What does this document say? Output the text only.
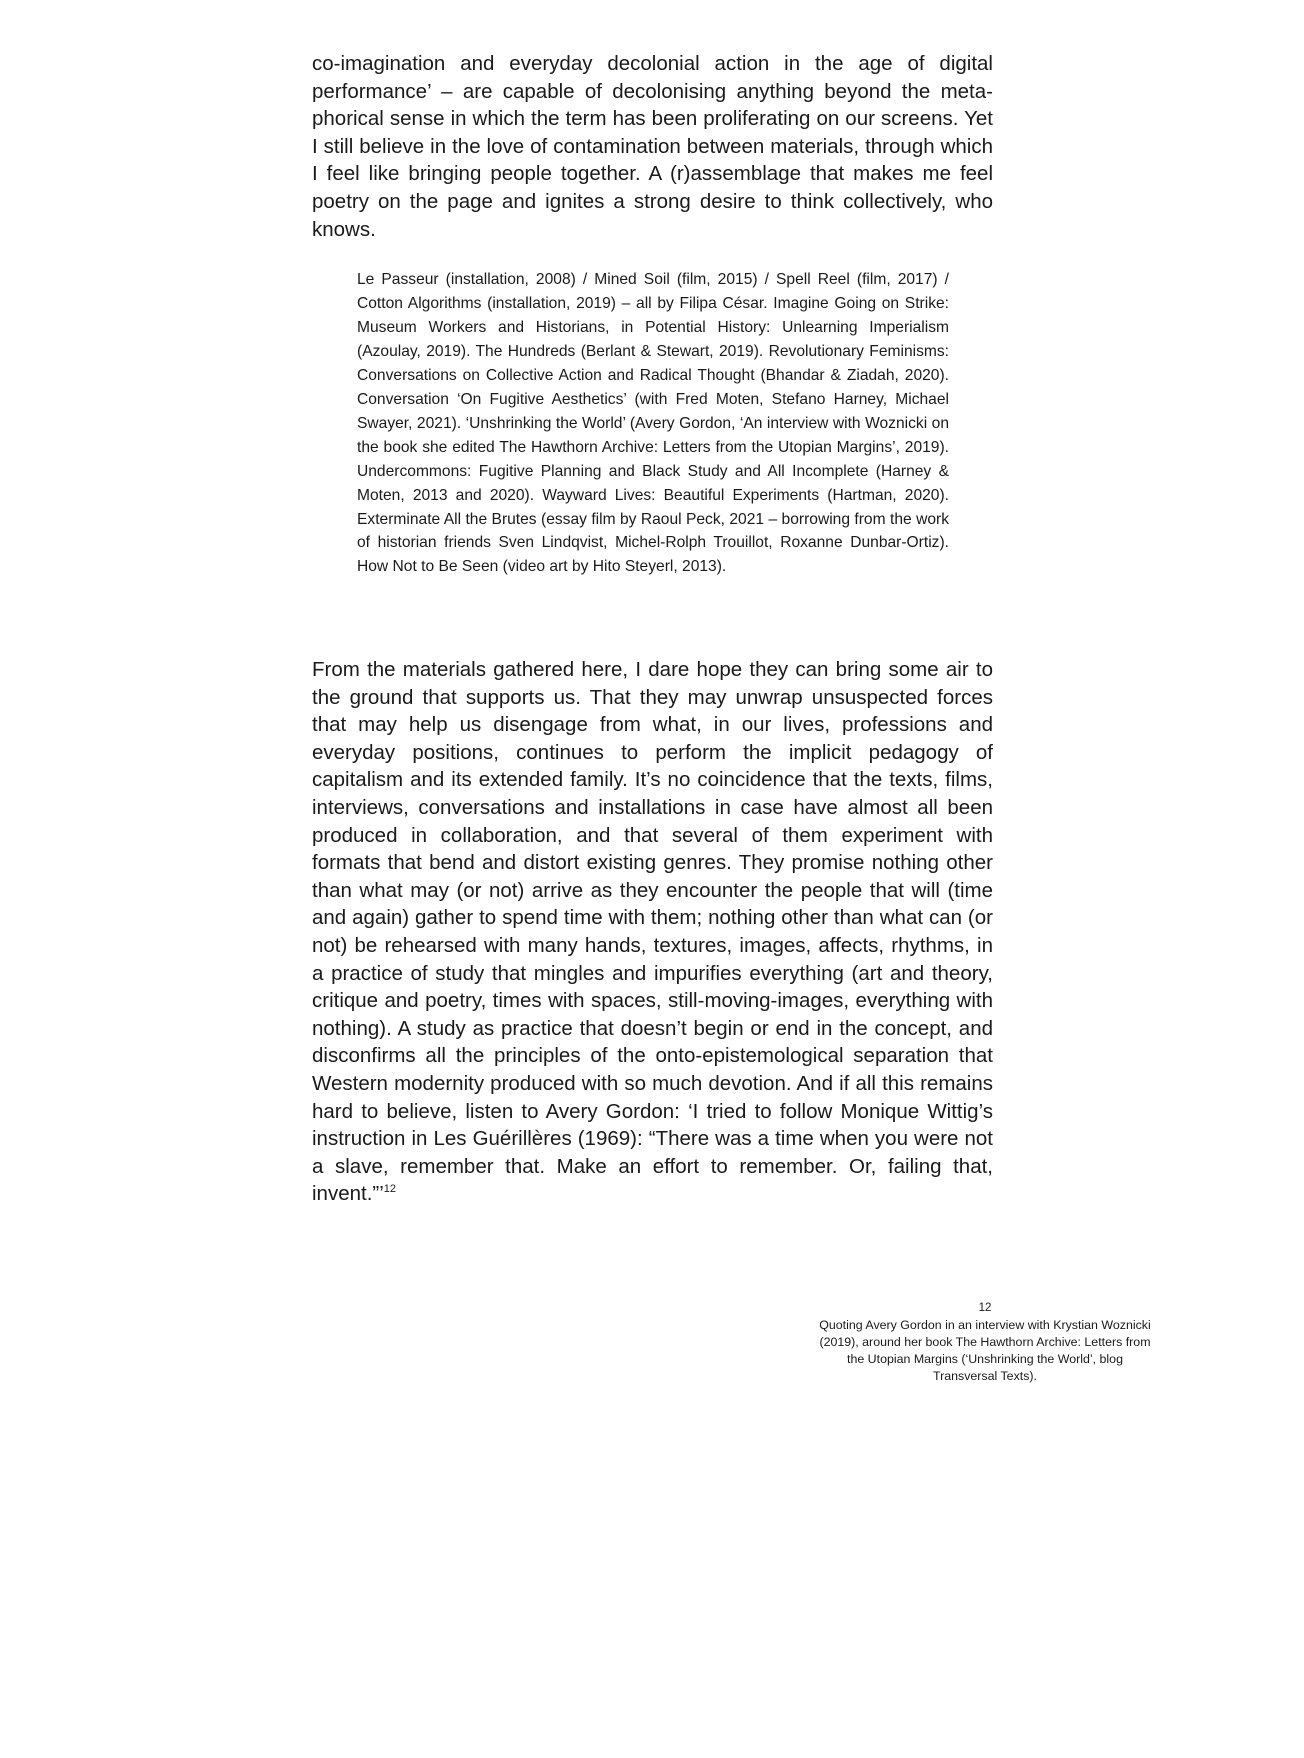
co-imagination and everyday decolonial action in the age of digital performance’ – are capable of decolonising anything beyond the meta-phorical sense in which the term has been proliferating on our screens. Yet I still believe in the love of contamination between materials, through which I feel like bringing people together. A (r)assemblage that makes me feel poetry on the page and ignites a strong desire to think collectively, who knows.

Le Passeur (installation, 2008) / Mined Soil (film, 2015) / Spell Reel (film, 2017) / Cotton Algorithms (installation, 2019) – all by Filipa César. Imagine Going on Strike: Museum Workers and Historians, in Potential History: Unlearning Imperialism (Azoulay, 2019). The Hundreds (Berlant & Stewart, 2019). Revolutionary Feminisms: Conversations on Collective Action and Radical Thought (Bhandar & Ziadah, 2020). Conversation ‘On Fugitive Aesthetics’ (with Fred Moten, Stefano Harney, Michael Swayer, 2021). ‘Unshrinking the World’ (Avery Gordon, ‘An interview with Woznicki on the book she edited The Hawthorn Archive: Letters from the Utopian Margins’, 2019). Undercommons: Fugitive Planning and Black Study and All Incomplete (Harney & Moten, 2013 and 2020). Wayward Lives: Beautiful Experiments (Hartman, 2020). Exterminate All the Brutes (essay film by Raoul Peck, 2021 – borrowing from the work of historian friends Sven Lindqvist, Michel-Rolph Trouillot, Roxanne Dunbar-Ortiz). How Not to Be Seen (video art by Hito Steyerl, 2013).

From the materials gathered here, I dare hope they can bring some air to the ground that supports us. That they may unwrap unsuspected forces that may help us disengage from what, in our lives, professions and everyday positions, continues to perform the implicit pedagogy of capitalism and its extended family. It’s no coincidence that the texts, films, interviews, conversations and installations in case have almost all been produced in collaboration, and that several of them experiment with formats that bend and distort existing genres. They promise nothing other than what may (or not) arrive as they encounter the people that will (time and again) gather to spend time with them; nothing other than what can (or not) be rehearsed with many hands, textures, images, affects, rhythms, in a practice of study that mingles and impurifies everything (art and theory, critique and poetry, times with spaces, still-moving-images, everything with nothing). A study as practice that doesn’t begin or end in the concept, and disconfirms all the principles of the onto-epistemological separation that Western modernity produced with so much devotion. And if all this remains hard to believe, listen to Avery Gordon: ‘I tried to follow Monique Wittig’s instruction in Les Guérillères (1969): “There was a time when you were not a slave, remember that. Make an effort to remember. Or, failing that, invent.”’$^{12}$

12
Quoting Avery Gordon in an interview with Krystian Woznicki (2019), around her book The Hawthorn Archive: Letters from the Utopian Margins (‘Unshrinking the World’, blog Transversal Texts).
